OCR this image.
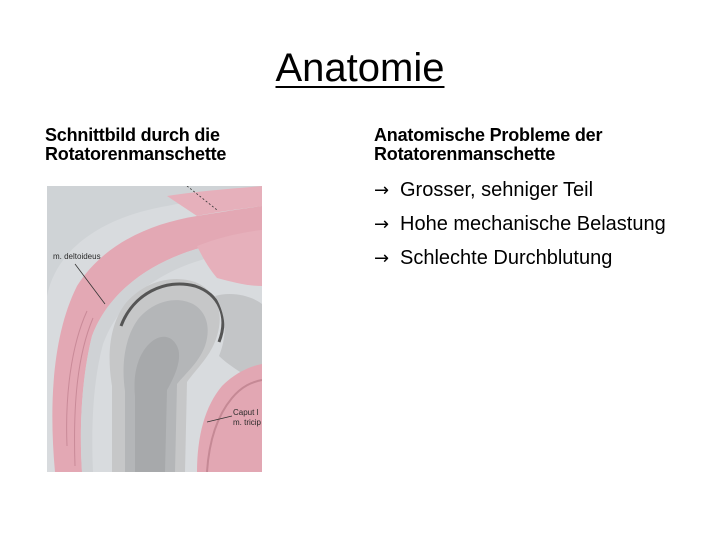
Anatomie
Schnittbild durch die
Rotatorenmanschette
Anatomische Probleme der
Rotatorenmanschette
→ Grosser, sehniger Teil
→ Hohe mechanische Belastung
→ Schlechte Durchblutung
m. deltoideus
Caput l
m. tricip
